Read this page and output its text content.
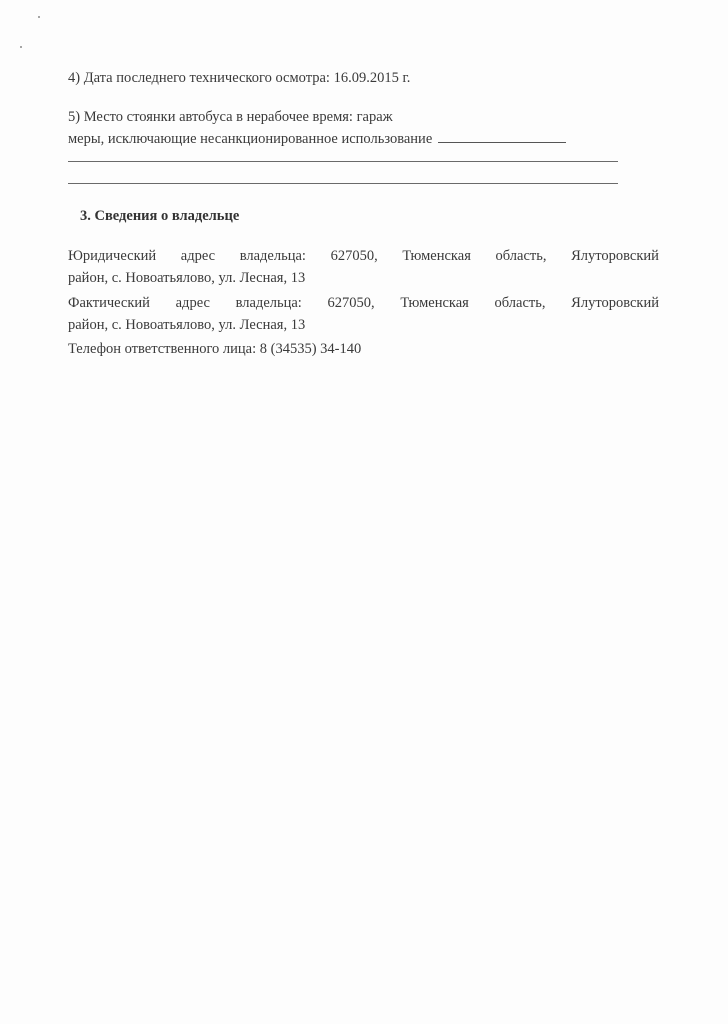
4) Дата последнего технического осмотра: 16.09.2015 г.
5) Место стоянки автобуса в нерабочее время: гараж
меры, исключающие несанкционированное использование
3. Сведения о владельце
Юридический адрес владельца: 627050, Тюменская область, Ялуторовский
район, с. Новоатьялово, ул. Лесная, 13
Фактический адрес владельца: 627050, Тюменская область, Ялуторовский
район, с. Новоатьялово, ул. Лесная, 13
Телефон ответственного лица: 8 (34535) 34-140
